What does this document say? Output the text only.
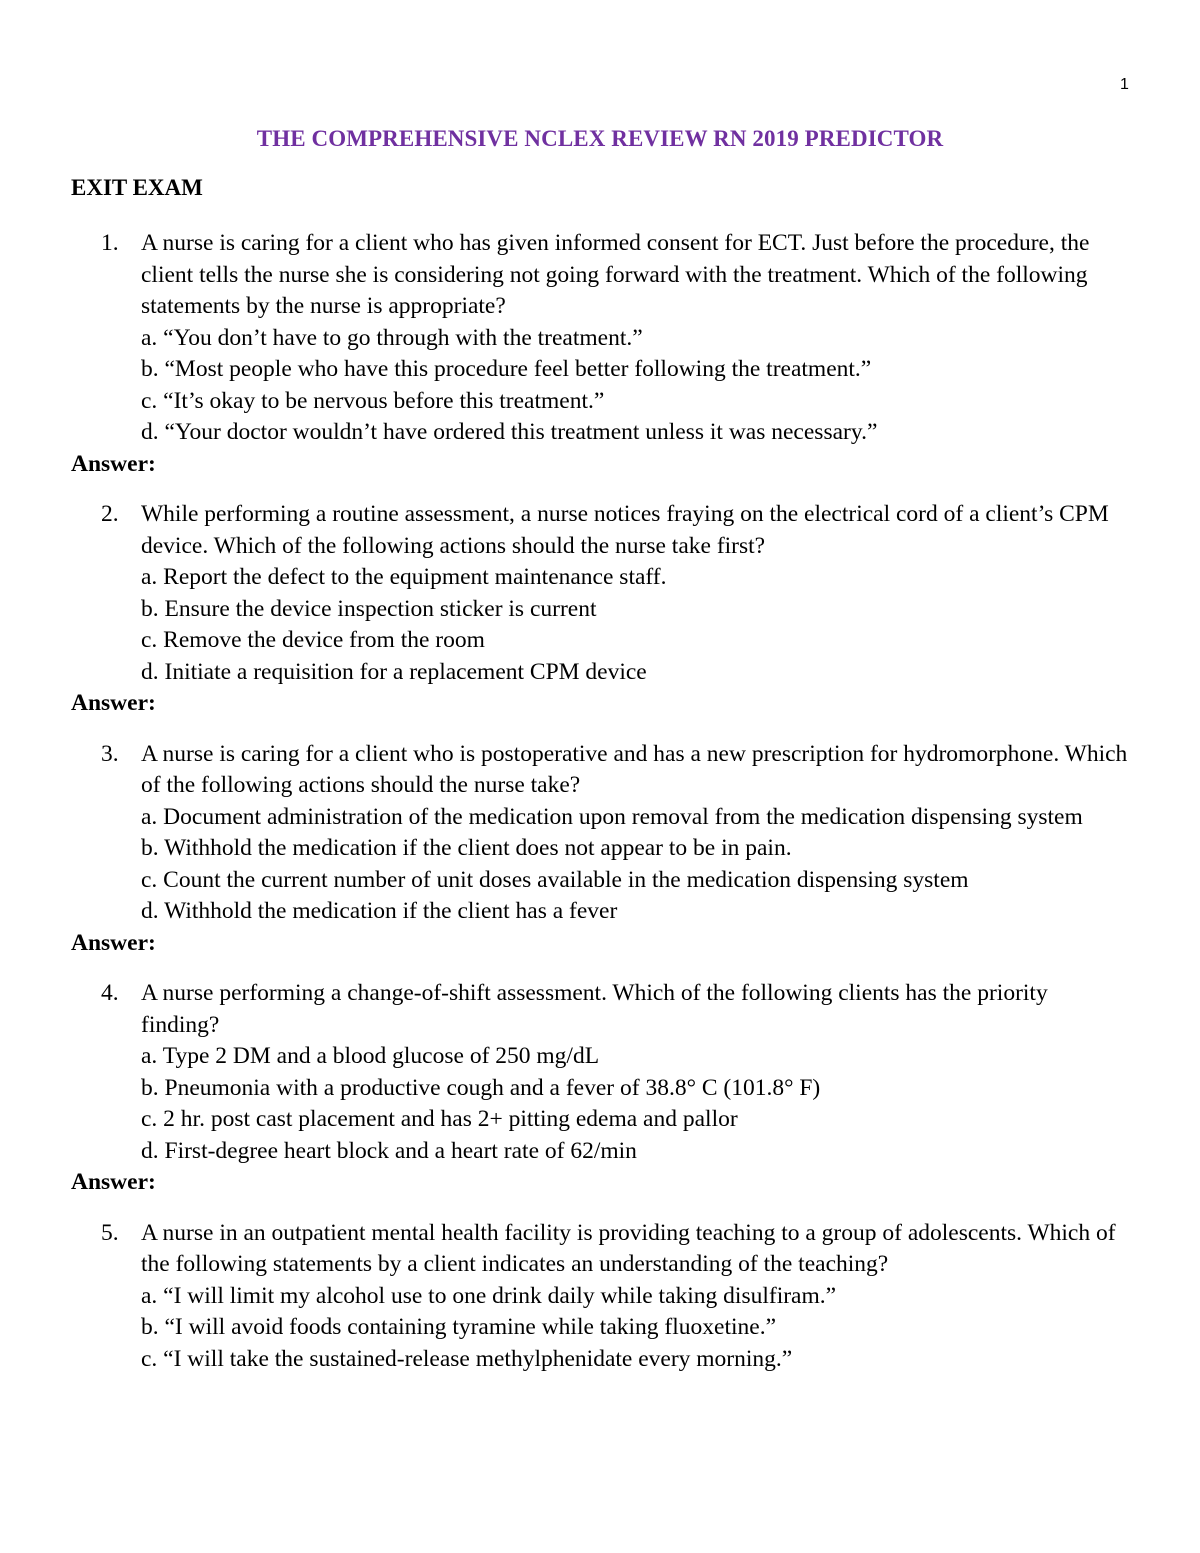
1
THE COMPREHENSIVE NCLEX REVIEW RN 2019 PREDICTOR
EXIT EXAM
1. A nurse is caring for a client who has given informed consent for ECT. Just before the procedure, the client tells the nurse she is considering not going forward with the treatment. Which of the following statements by the nurse is appropriate?
a. “You don’t have to go through with the treatment.”
b. “Most people who have this procedure feel better following the treatment.”
c. “It’s okay to be nervous before this treatment.”
d. “Your doctor wouldn’t have ordered this treatment unless it was necessary.”
Answer:
2. While performing a routine assessment, a nurse notices fraying on the electrical cord of a client’s CPM device. Which of the following actions should the nurse take first?
a. Report the defect to the equipment maintenance staff.
b. Ensure the device inspection sticker is current
c. Remove the device from the room
d. Initiate a requisition for a replacement CPM device
Answer:
3. A nurse is caring for a client who is postoperative and has a new prescription for hydromorphone. Which of the following actions should the nurse take?
a. Document administration of the medication upon removal from the medication dispensing system
b. Withhold the medication if the client does not appear to be in pain.
c. Count the current number of unit doses available in the medication dispensing system
d. Withhold the medication if the client has a fever
Answer:
4. A nurse performing a change-of-shift assessment. Which of the following clients has the priority finding?
a. Type 2 DM and a blood glucose of 250 mg/dL
b. Pneumonia with a productive cough and a fever of 38.8° C (101.8° F)
c. 2 hr. post cast placement and has 2+ pitting edema and pallor
d. First-degree heart block and a heart rate of 62/min
Answer:
5. A nurse in an outpatient mental health facility is providing teaching to a group of adolescents. Which of the following statements by a client indicates an understanding of the teaching?
a. “I will limit my alcohol use to one drink daily while taking disulfiram.”
b. “I will avoid foods containing tyramine while taking fluoxetine.”
c. “I will take the sustained-release methylphenidate every morning.”
